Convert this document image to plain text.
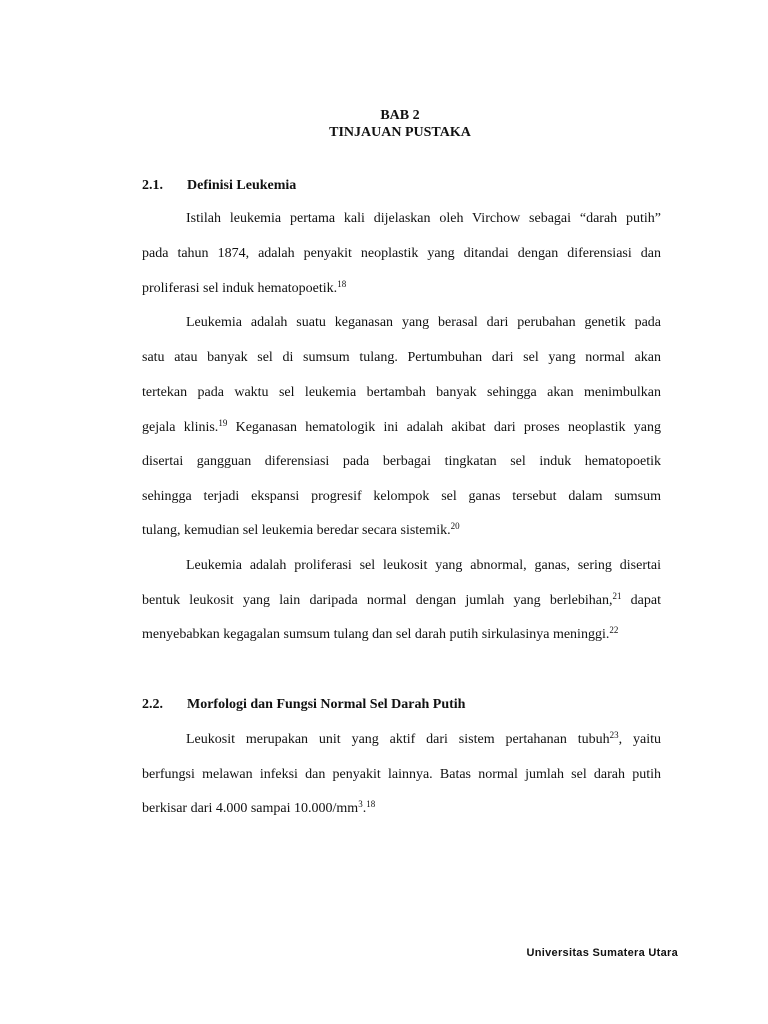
BAB 2
TINJAUAN PUSTAKA
2.1. Definisi Leukemia
Istilah leukemia pertama kali dijelaskan oleh Virchow sebagai “darah putih”
pada tahun 1874, adalah penyakit neoplastik yang ditandai dengan diferensiasi dan
proliferasi sel induk hematopoetik.$^{18}$
Leukemia adalah suatu keganasan yang berasal dari perubahan genetik pada
satu atau banyak sel di sumsum tulang. Pertumbuhan dari sel yang normal akan
tertekan pada waktu sel leukemia bertambah banyak sehingga akan menimbulkan
gejala klinis.$^{19}$ Keganasan hematologik ini adalah akibat dari proses neoplastik yang
disertai gangguan diferensiasi pada berbagai tingkatan sel induk hematopoetik
sehingga terjadi ekspansi progresif kelompok sel ganas tersebut dalam sumsum
tulang, kemudian sel leukemia beredar secara sistemik.$^{20}$
Leukemia adalah proliferasi sel leukosit yang abnormal, ganas, sering disertai
bentuk leukosit yang lain daripada normal dengan jumlah yang berlebihan,$^{21}$ dapat
menyebabkan kegagalan sumsum tulang dan sel darah putih sirkulasinya meninggi.$^{22}$
2.2. Morfologi dan Fungsi Normal Sel Darah Putih
Leukosit merupakan unit yang aktif dari sistem pertahanan tubuh$^{23}$, yaitu
berfungsi melawan infeksi dan penyakit lainnya. Batas normal jumlah sel darah putih
berkisar dari 4.000 sampai $10.000/mm^3.^{18}$
Universitas Sumatera Utara
